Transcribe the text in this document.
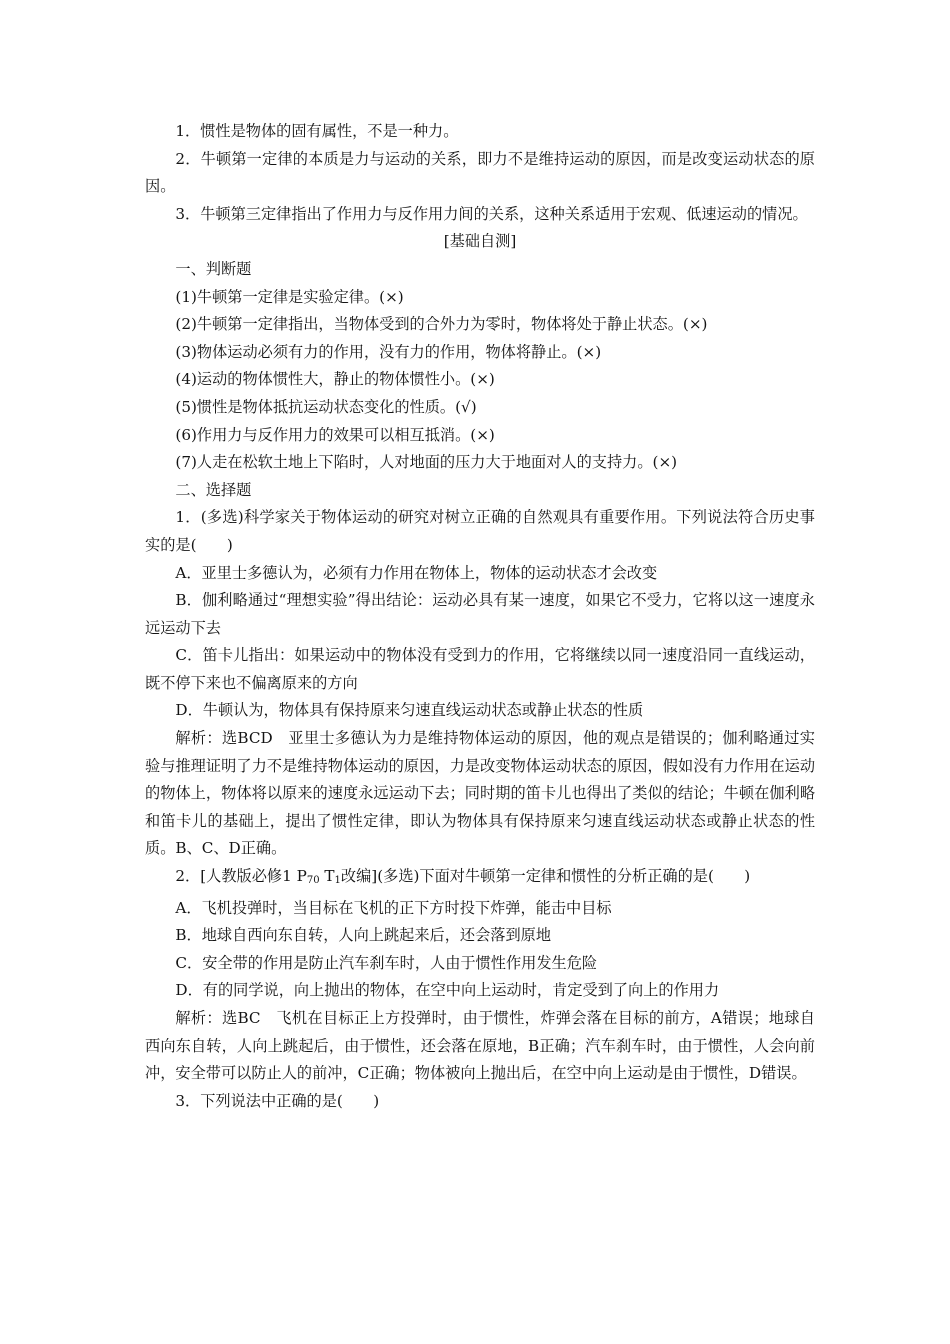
1．惯性是物体的固有属性，不是一种力。

2．牛顿第一定律的本质是力与运动的关系，即力不是维持运动的原因，而是改变运动状态的原因。

3．牛顿第三定律指出了作用力与反作用力间的关系，这种关系适用于宏观、低速运动的情况。

[基础自测]

一、判断题

(1)牛顿第一定律是实验定律。(×)

(2)牛顿第一定律指出，当物体受到的合外力为零时，物体将处于静止状态。(×)

(3)物体运动必须有力的作用，没有力的作用，物体将静止。(×)

(4)运动的物体惯性大，静止的物体惯性小。(×)

(5)惯性是物体抵抗运动状态变化的性质。(√)

(6)作用力与反作用力的效果可以相互抵消。(×)

(7)人走在松软土地上下陷时，人对地面的压力大于地面对人的支持力。(×)

二、选择题

1．(多选)科学家关于物体运动的研究对树立正确的自然观具有重要作用。下列说法符合历史事实的是(　　)

A．亚里士多德认为，必须有力作用在物体上，物体的运动状态才会改变

B．伽利略通过“理想实验”得出结论：运动必具有某一速度，如果它不受力，它将以这一速度永远运动下去

C．笛卡儿指出：如果运动中的物体没有受到力的作用，它将继续以同一速度沿同一直线运动，既不停下来也不偏离原来的方向

D．牛顿认为，物体具有保持原来匀速直线运动状态或静止状态的性质

解析：选BCD　亚里士多德认为力是维持物体运动的原因，他的观点是错误的；伽利略通过实验与推理证明了力不是维持物体运动的原因，力是改变物体运动状态的原因，假如没有力作用在运动的物体上，物体将以原来的速度永远运动下去；同时期的笛卡儿也得出了类似的结论；牛顿在伽利略和笛卡儿的基础上，提出了惯性定律，即认为物体具有保持原来匀速直线运动状态或静止状态的性质。B、C、D正确。

2．[人教版必修1 $P_{70}$ $T_1$改编](多选)下面对牛顿第一定律和惯性的分析正确的是(　　)

A．飞机投弹时，当目标在飞机的正下方时投下炸弹，能击中目标

B．地球自西向东自转，人向上跳起来后，还会落到原地

C．安全带的作用是防止汽车刹车时，人由于惯性作用发生危险

D．有的同学说，向上抛出的物体，在空中向上运动时，肯定受到了向上的作用力

解析：选BC　飞机在目标正上方投弹时，由于惯性，炸弹会落在目标的前方，A错误；地球自西向东自转，人向上跳起后，由于惯性，还会落在原地，B正确；汽车刹车时，由于惯性，人会向前冲，安全带可以防止人的前冲，C正确；物体被向上抛出后，在空中向上运动是由于惯性，D错误。

3．下列说法中正确的是(　　)
